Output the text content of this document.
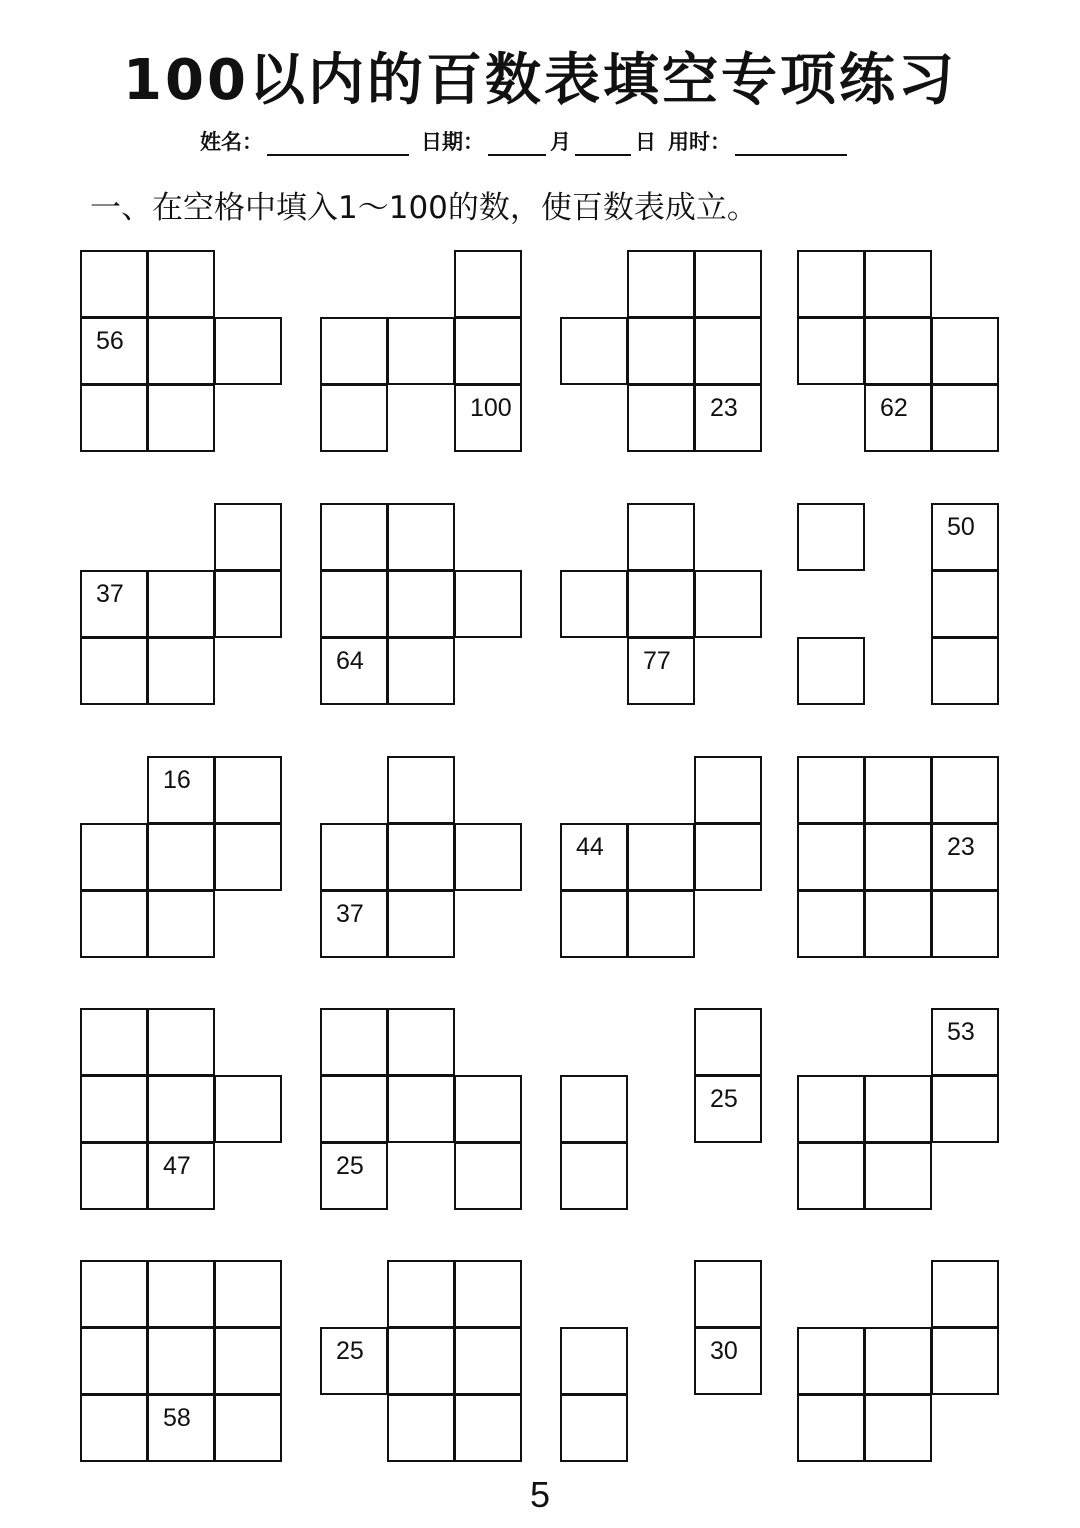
100以内的百数表填空专项练习
姓名：	日期：	月	日 用时：
一、在空格中填入1～100的数，使百数表成立。
56
100	23	62
37
64	77
50
16
37
44	23
47	25
25
53
58
25	30
5
